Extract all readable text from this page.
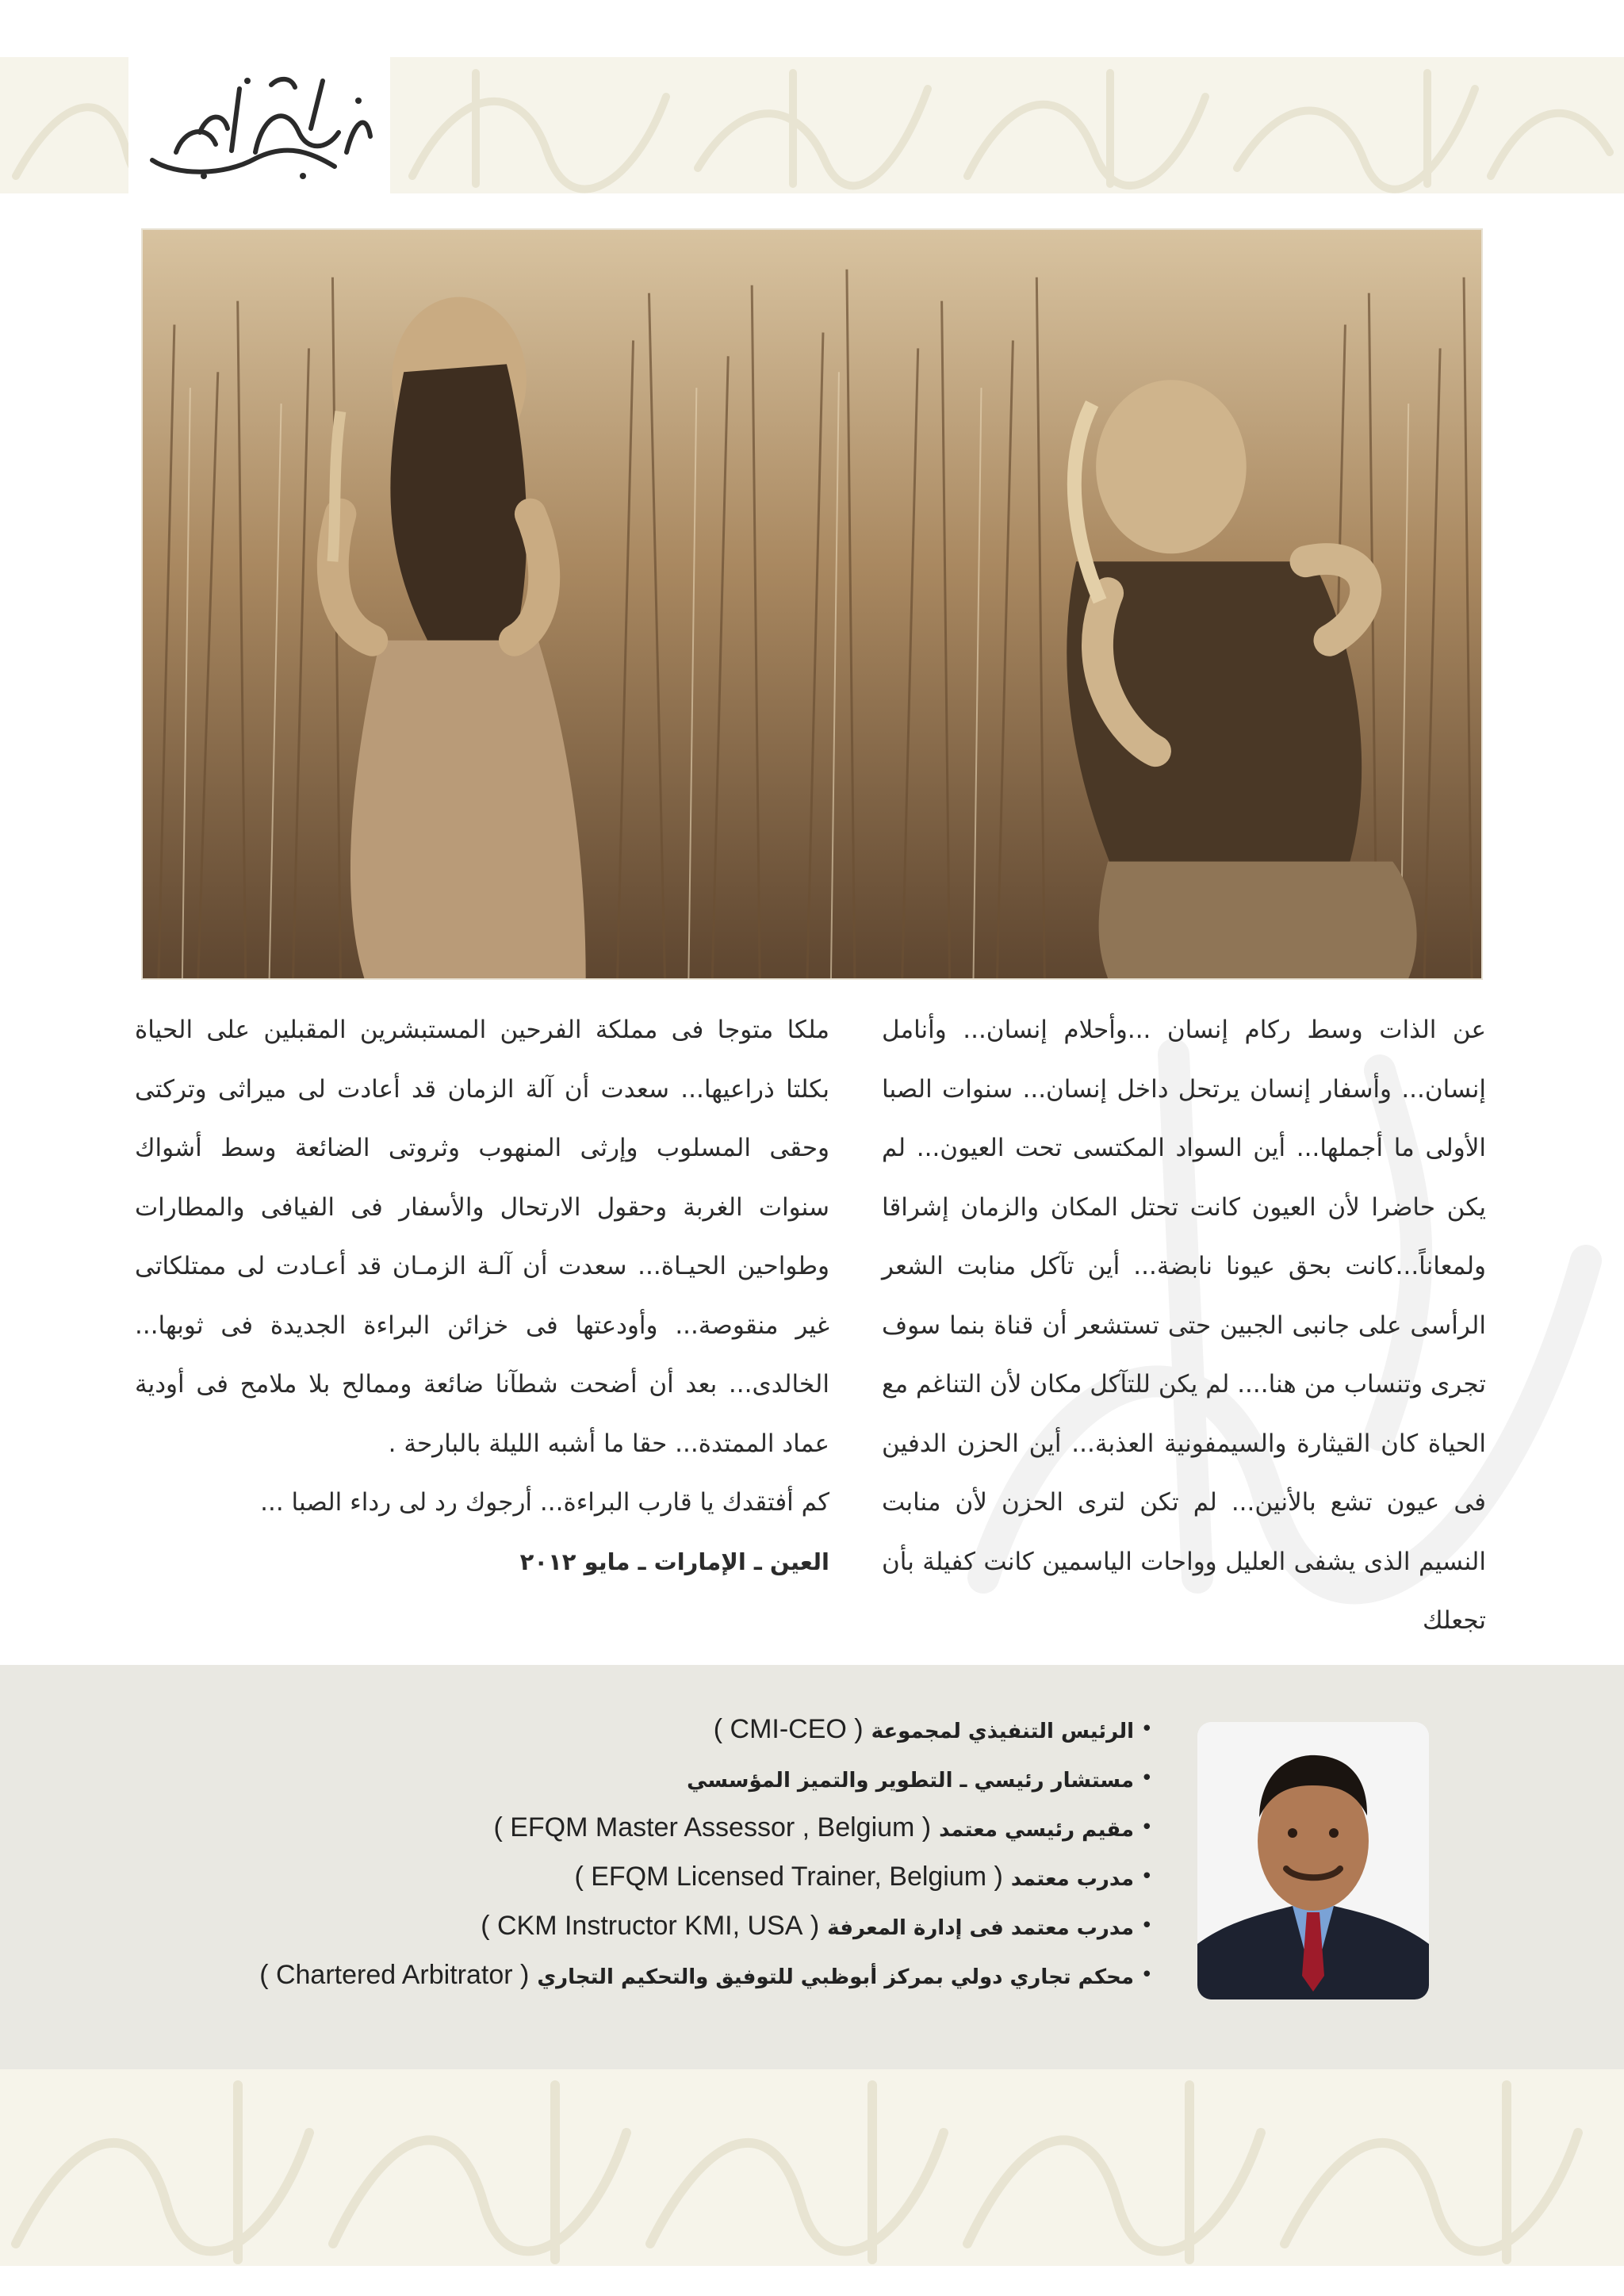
عن الذات وسط ركام إنسان ...وأحلام إنسان... وأنامل إنسان... وأسفار إنسان يرتحل داخل إنسان... سنوات الصبا الأولى ما أجملها... أين السواد المكتسى تحت العيون... لم يكن حاضرا لأن العيون كانت تحتل المكان والزمان إشراقا ولمعاناً...كانت بحق عيونا نابضة... أين تآكل منابت الشعر الرأسى على جانبى الجبين حتى تستشعر أن قناة بنما سوف تجرى وتنساب من هنا.... لم يكن للتآكل مكان لأن التناغم مع الحياة كان القيثارة والسيمفونية العذبة... أين الحزن الدفين فى عيون تشع بالأنين... لم تكن لترى الحزن لأن منابت النسيم الذى يشفى العليل وواحات الياسمين كانت كفيلة بأن تجعلك

ملكا متوجا فى مملكة الفرحين المستبشرين المقبلين على الحياة بكلتا ذراعيها... سعدت أن آلة الزمان قد أعادت لى ميراثى وتركتى وحقى المسلوب وإرثى المنهوب وثروتى الضائعة وسط أشواك سنوات الغربة وحقول الارتحال والأسفار فى الفيافى والمطارات وطواحين الحيـاة... سعدت أن آلـة الزمـان قد أعـادت لى ممتلكاتى غير منقوصة... وأودعتها فى خزائن البراءة الجديدة فى ثوبها... الخالدى... بعد أن أضحت شطآنا ضائعة وممالح بلا ملامح فى أودية عماد الممتدة... حقا ما أشبه الليلة بالبارحة .

كم أفتقدك يا قارب البراءة... أرجوك رد لى رداء الصبا ...

العين ـ الإمارات ـ مايو ٢٠١٢

•
الرئيس التنفيذي لمجموعة( CMI-CEO )
•
مستشار رئيسي ـ التطوير والتميز المؤسسي
•
مقيم رئيسي معتمد( EFQM Master Assessor , Belgium )
•
مدرب معتمد( EFQM Licensed Trainer, Belgium )
•
مدرب معتمد فى إدارة المعرفة( CKM Instructor KMI, USA )
•
محكم تجاري دولي بمركز أبوظبي للتوفيق والتحكيم التجاري( Chartered Arbitrator )
